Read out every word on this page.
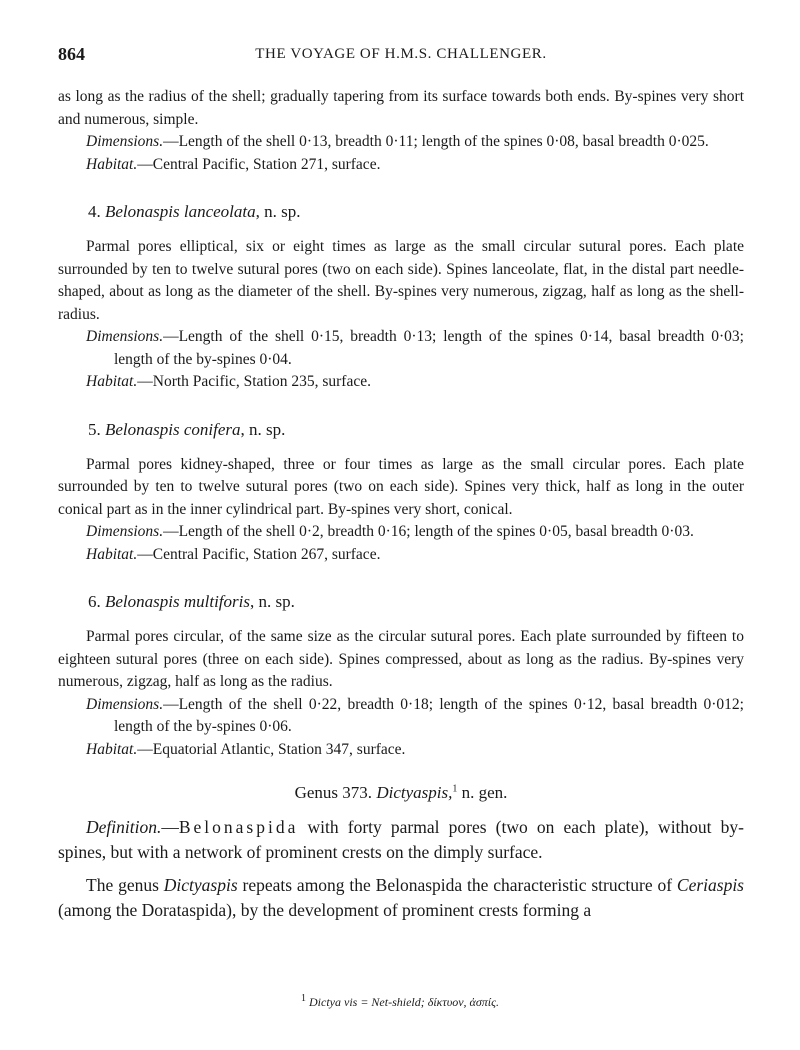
864	THE VOYAGE OF H.M.S. CHALLENGER.

as long as the radius of the shell; gradually tapering from its surface towards both ends. By-spines very short and numerous, simple.

Dimensions.—Length of the shell 0·13, breadth 0·11; length of the spines 0·08, basal breadth 0·025.

Habitat.—Central Pacific, Station 271, surface.

4. Belonaspis lanceolata, n. sp.

Parmal pores elliptical, six or eight times as large as the small circular sutural pores. Each plate surrounded by ten to twelve sutural pores (two on each side). Spines lanceolate, flat, in the distal part needle-shaped, about as long as the diameter of the shell. By-spines very numerous, zigzag, half as long as the shell-radius.

Dimensions.—Length of the shell 0·15, breadth 0·13; length of the spines 0·14, basal breadth 0·03; length of the by-spines 0·04.

Habitat.—North Pacific, Station 235, surface.

5. Belonaspis conifera, n. sp.

Parmal pores kidney-shaped, three or four times as large as the small circular pores. Each plate surrounded by ten to twelve sutural pores (two on each side). Spines very thick, half as long in the outer conical part as in the inner cylindrical part. By-spines very short, conical.

Dimensions.—Length of the shell 0·2, breadth 0·16; length of the spines 0·05, basal breadth 0·03.

Habitat.—Central Pacific, Station 267, surface.

6. Belonaspis multiforis, n. sp.

Parmal pores circular, of the same size as the circular sutural pores. Each plate surrounded by fifteen to eighteen sutural pores (three on each side). Spines compressed, about as long as the radius. By-spines very numerous, zigzag, half as long as the radius.

Dimensions.—Length of the shell 0·22, breadth 0·18; length of the spines 0·12, basal breadth 0·012; length of the by-spines 0·06.

Habitat.—Equatorial Atlantic, Station 347, surface.

Genus 373. Dictyaspis,$^1$ n. gen.

Definition.—Belonaspida with forty parmal pores (two on each plate), without by-spines, but with a network of prominent crests on the dimply surface.

The genus Dictyaspis repeats among the Belonaspida the characteristic structure of Ceriaspis (among the Dorataspida), by the development of prominent crests forming a

$^1$ Dictya vis = Net-shield; δίκτυον, ἀσπίς.
